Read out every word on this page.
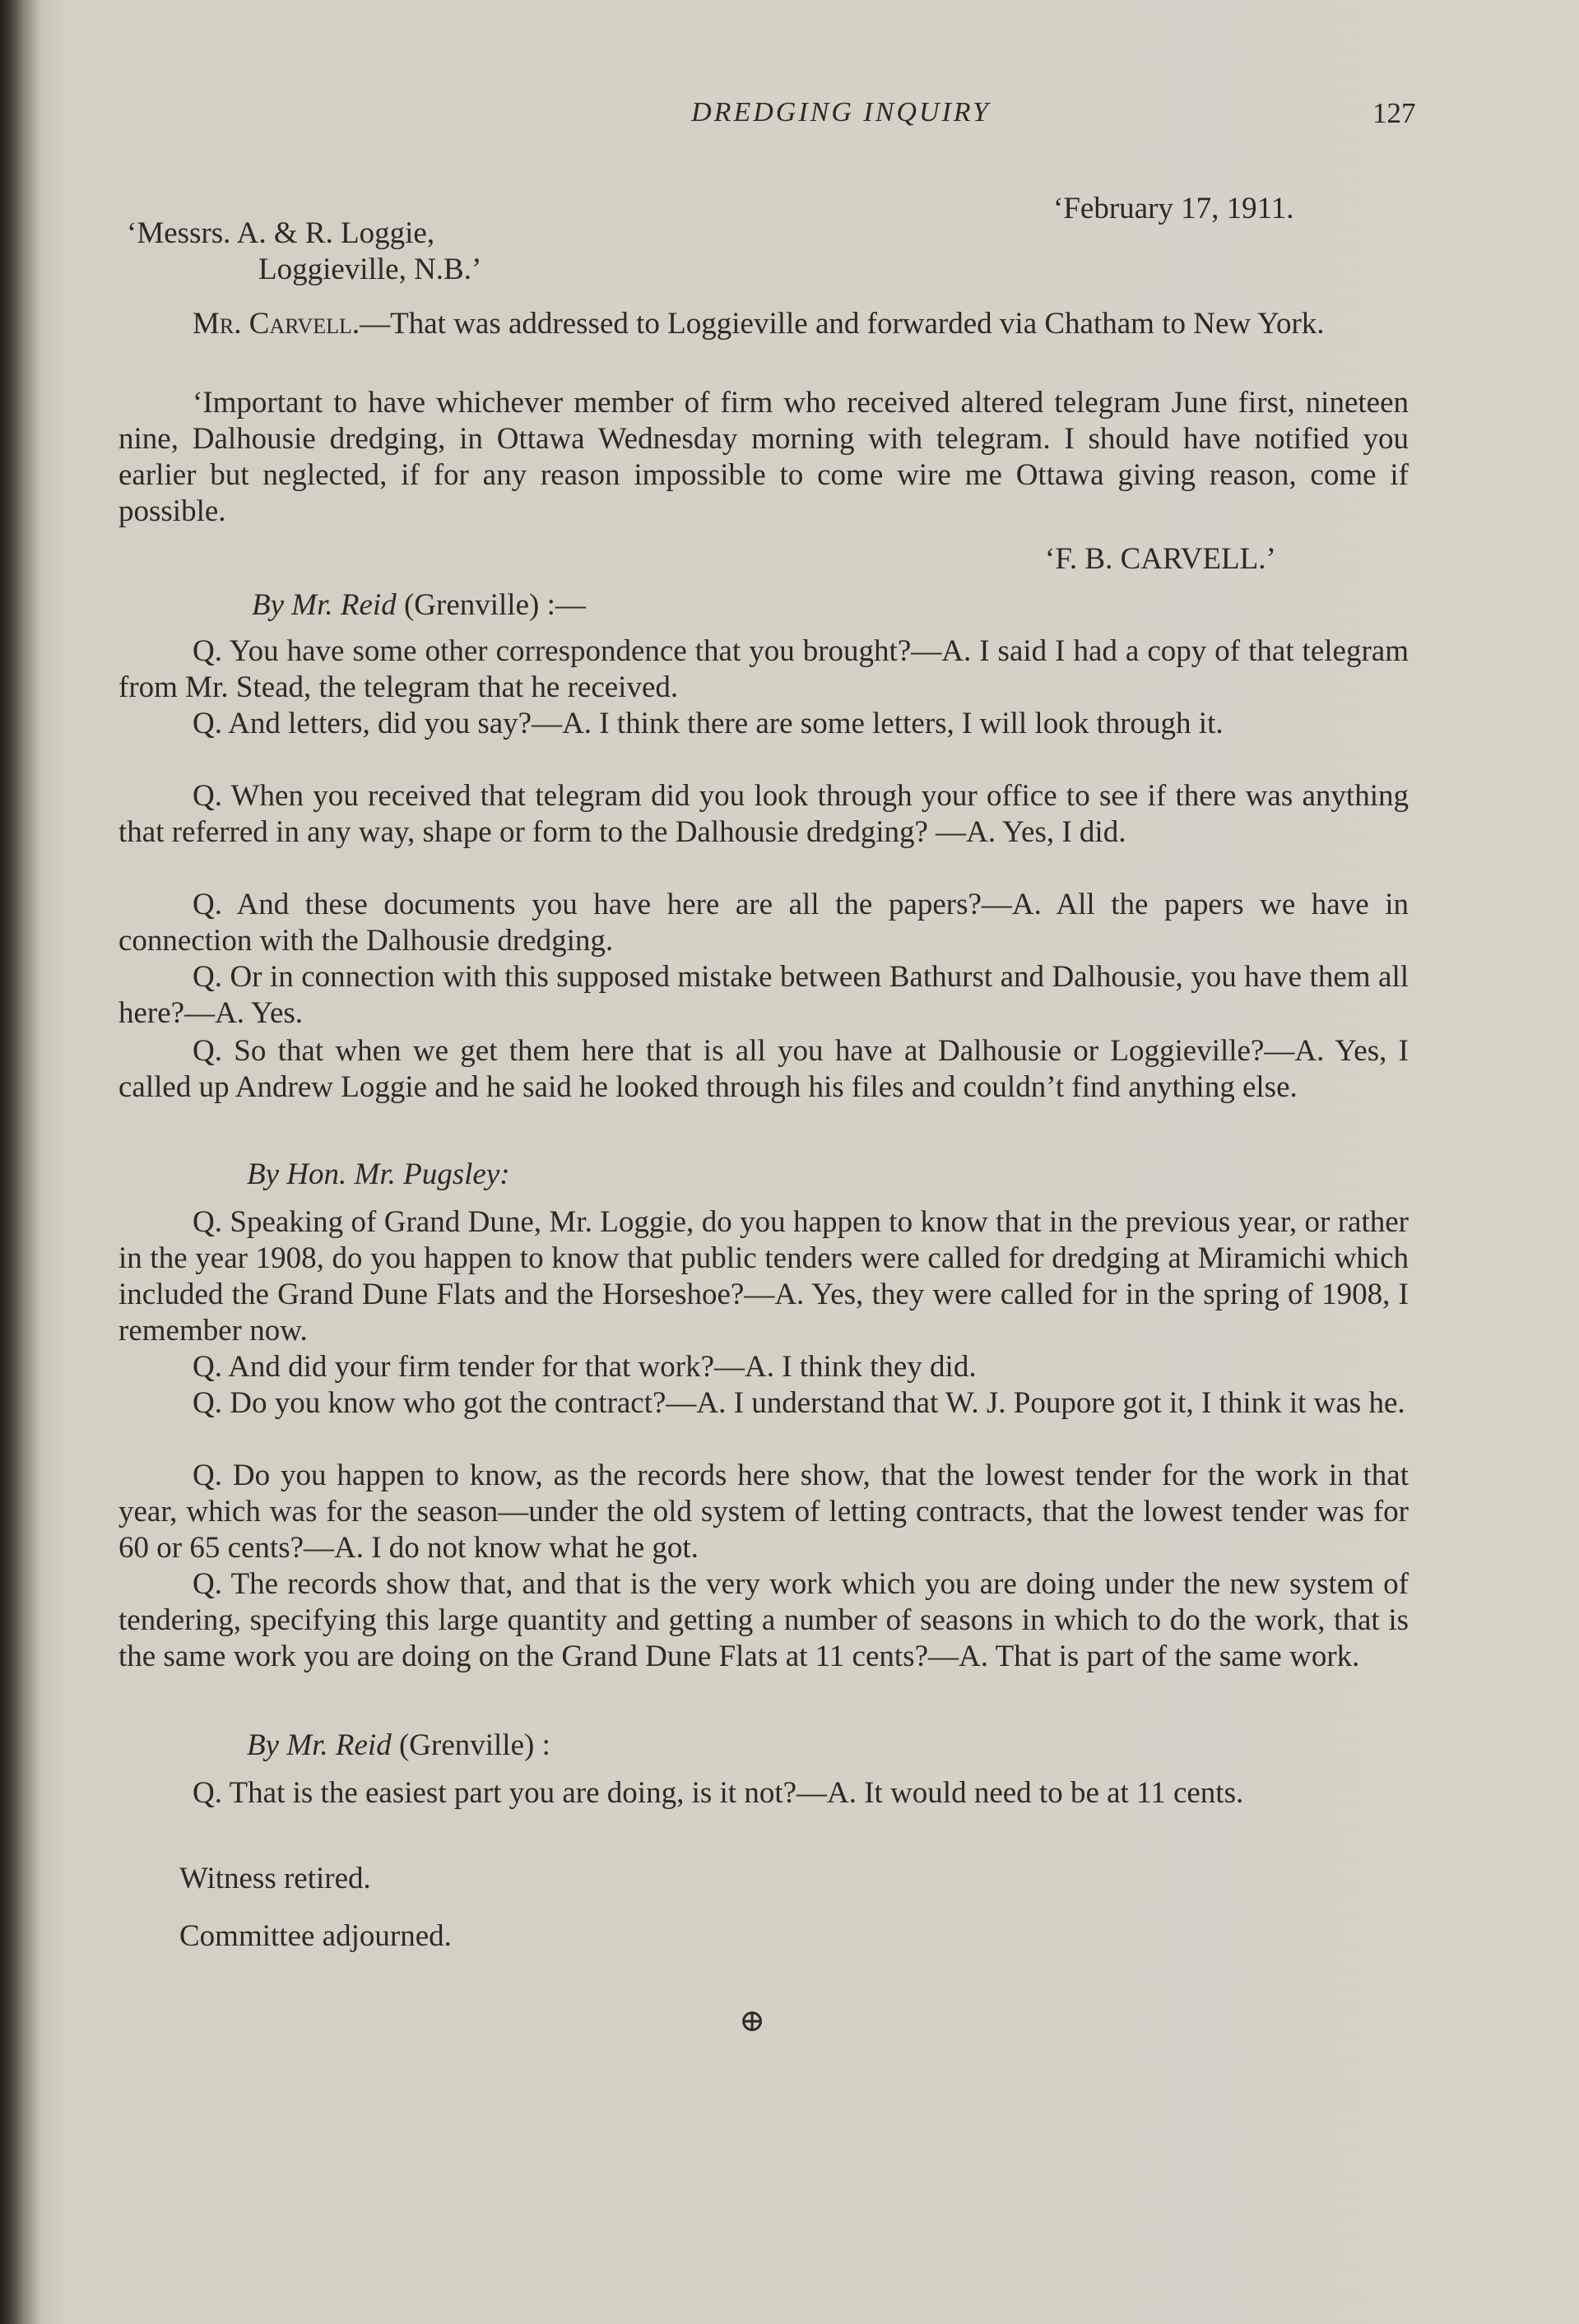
DREDGING INQUIRY	127
‘February 17, 1911.
‘Messrs. A. & R. Loggie,
Loggieville, N.B.’
Mr. Carvell.—That was addressed to Loggieville and forwarded via Chatham to New York.
‘Important to have whichever member of firm who received altered telegram June first, nineteen nine, Dalhousie dredging, in Ottawa Wednesday morning with telegram. I should have notified you earlier but neglected, if for any reason impossible to come wire me Ottawa giving reason, come if possible.
‘F. B. CARVELL.’
By Mr. Reid (Grenville) :—
Q. You have some other correspondence that you brought?—A. I said I had a copy of that telegram from Mr. Stead, the telegram that he received.
Q. And letters, did you say?—A. I think there are some letters, I will look through it.
Q. When you received that telegram did you look through your office to see if there was anything that referred in any way, shape or form to the Dalhousie dredging? —A. Yes, I did.
Q. And these documents you have here are all the papers?—A. All the papers we have in connection with the Dalhousie dredging.
Q. Or in connection with this supposed mistake between Bathurst and Dalhousie, you have them all here?—A. Yes.
Q. So that when we get them here that is all you have at Dalhousie or Loggieville?—A. Yes, I called up Andrew Loggie and he said he looked through his files and couldn’t find anything else.
By Hon. Mr. Pugsley:
Q. Speaking of Grand Dune, Mr. Loggie, do you happen to know that in the previous year, or rather in the year 1908, do you happen to know that public tenders were called for dredging at Miramichi which included the Grand Dune Flats and the Horseshoe?—A. Yes, they were called for in the spring of 1908, I remember now.
Q. And did your firm tender for that work?—A. I think they did.
Q. Do you know who got the contract?—A. I understand that W. J. Poupore got it, I think it was he.
Q. Do you happen to know, as the records here show, that the lowest tender for the work in that year, which was for the season—under the old system of letting contracts, that the lowest tender was for 60 or 65 cents?—A. I do not know what he got.
Q. The records show that, and that is the very work which you are doing under the new system of tendering, specifying this large quantity and getting a number of seasons in which to do the work, that is the same work you are doing on the Grand Dune Flats at 11 cents?—A. That is part of the same work.
By Mr. Reid (Grenville) :
Q. That is the easiest part you are doing, is it not?—A. It would need to be at 11 cents.
Witness retired.
Committee adjourned.
⊕
